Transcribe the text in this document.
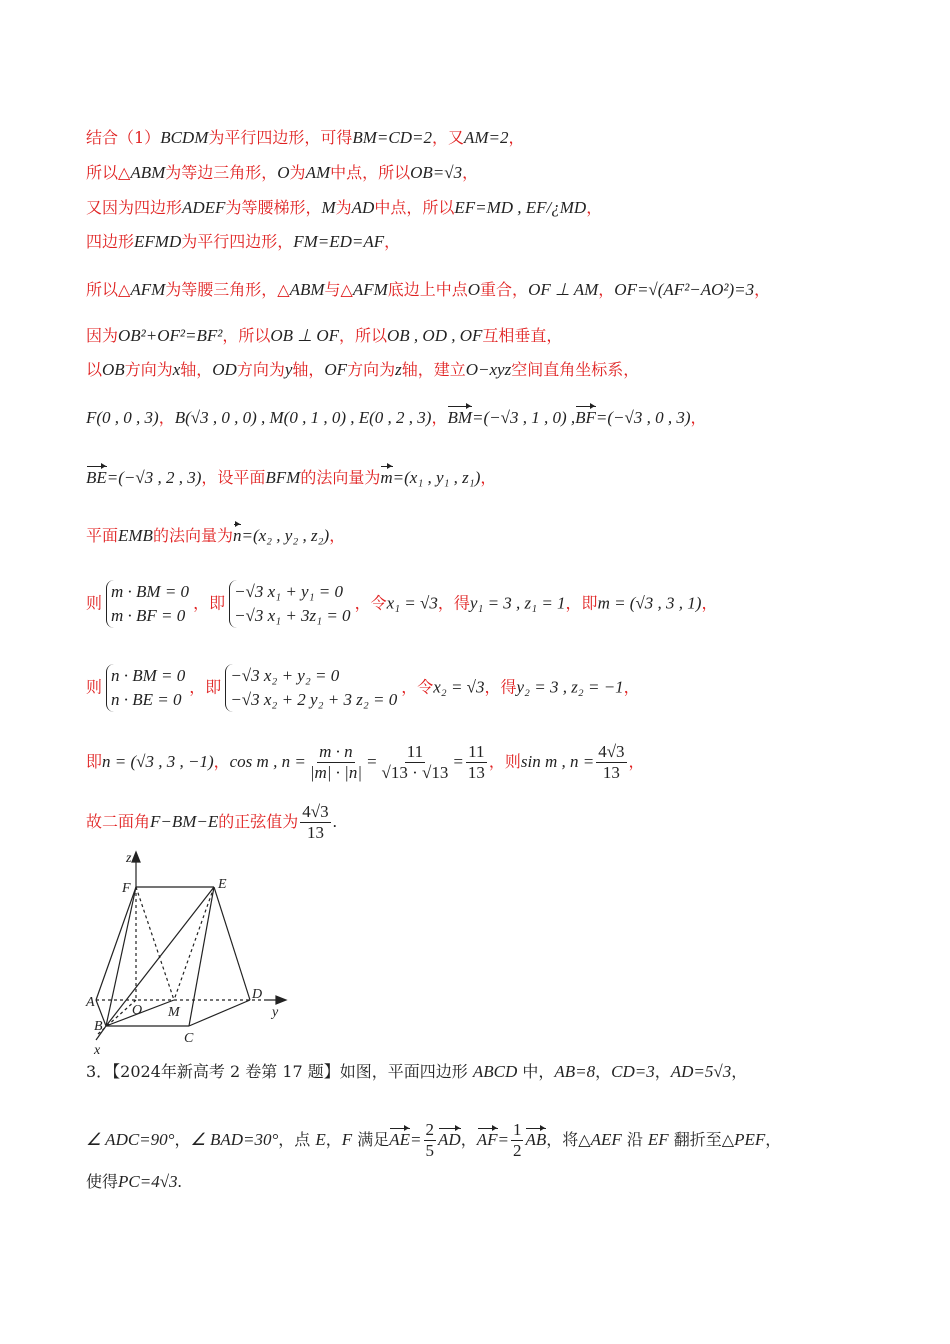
结合（1）BCDM为平行四边形，可得BM=CD=2，又AM=2，
所以△ABM为等边三角形，O为AM中点，所以OB=√3，
又因为四边形ADEF为等腰梯形，M为AD中点，所以EF=MD , EF/¿MD，
四边形EFMD为平行四边形，FM=ED=AF，
所以△AFM为等腰三角形，△ABM与△AFM底边上中点O重合，OF ⊥ AM，OF=√(AF²−AO²)=3，
因为OB²+OF²=BF²，所以OB ⊥ OF，所以OB , OD , OF互相垂直，
以OB方向为x轴，OD方向为y轴，OF方向为z轴，建立O−xyz空间直角坐标系，
F(0 , 0 , 3)，B(√3 , 0 , 0) , M(0 , 1 , 0) , E(0 , 2 , 3)，BM=(−√3 , 1 , 0) ,BF=(−√3 , 0 , 3)，
BE=(−√3 , 2 , 3)，设平面BFM的法向量为m=(x₁ , y₁ , z₁)，
平面EMB的法向量为n=(x₂ , y₂ , z₂)，
则
m · BM = 0
m · BF = 0
，即
−√3 x₁ + y₁ = 0
−√3 x₁ + 3z₁ = 0
，令x₁ = √3，得y₁ = 3 , z₁ = 1，即m = (√3 , 3 , 1)，
则
n · BM = 0
n · BE = 0
，即
−√3 x₂ + y₂ = 0
−√3 x₂ + 2 y₂ + 3 z₂ = 0
，令x₂ = √3，得y₂ = 3 , z₂ = −1，
即n = (√3 , 3 , −1)，cos m , $n = \frac{m \cdot n}{|m| \cdot |n|} = \frac{11}{√13 \cdot √13} = \frac{11}{13}$ ，则sin m , $n = \frac{4√3}{13}$ ，
故二面角F−BM−E的正弦值为 $\frac{4√3}{13}$ .
z
F	E
A
O M
D
y
B
C
x
3．【2024年新高考 2 卷第 17 题】如图，平面四边形 ABCD 中，AB=8，CD=3，AD=5√3，
∠ ADC=90°，∠ BAD=30°，点 E，F 满足$AE= \frac{2}{5}$ AD，$AF= \frac{1}{2}$ AB，将△AEF 沿 EF 翻折至△PEF，
使得PC=4√3.
